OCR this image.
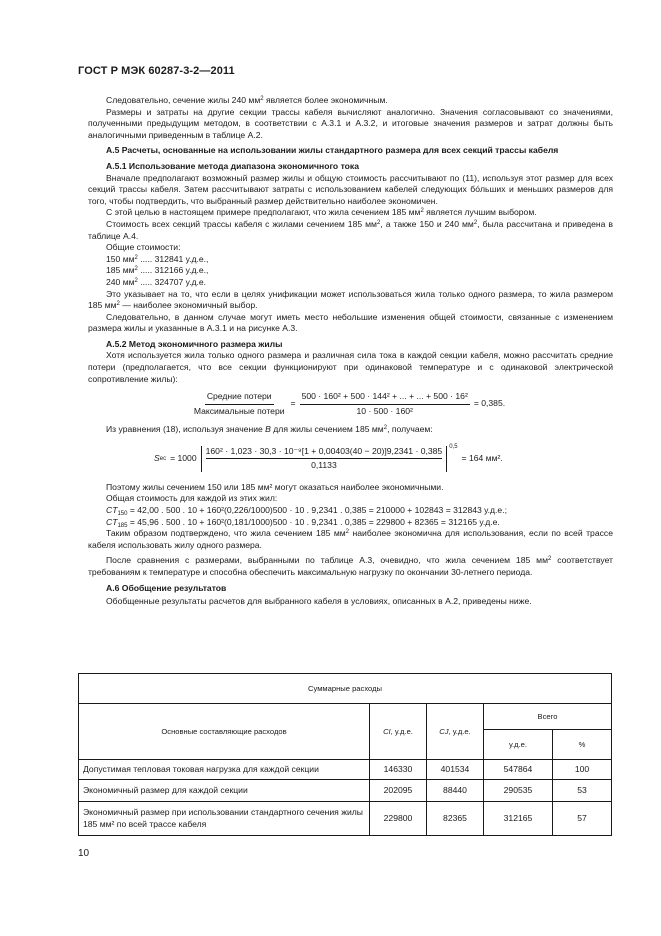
ГОСТ Р МЭК 60287-3-2—2011

Следовательно, сечение жилы 240 $мм^2$ является более экономичным.

Размеры и затраты на другие секции трассы кабеля вычисляют аналогично. Значения согласовывают со значениями, полученными предыдущим методом, в соответствии с А.3.1 и А.3.2, и итоговые значения размеров и затрат должны быть аналогичными приведенным в таблице А.2.

А.5 Расчеты, основанные на использовании жилы стандартного размера для всех секций трассы кабеля

А.5.1 Использование метода диапазона экономичного тока

Вначале предполагают возможный размер жилы и общую стоимость рассчитывают по (11), используя этот размер для всех секций трассы кабеля. Затем рассчитывают затраты с использованием кабелей следующих бо́льших и меньших размеров для того, чтобы подтвердить, что выбранный размер действительно наиболее экономичен.

С этой целью в настоящем примере предполагают, что жила сечением 185 $мм^2$ является лучшим выбором.

Стоимость всех секций трассы кабеля с жилами сечением 185 $мм^2$, а также 150 и 240 $мм^2$, была рассчитана и приведена в таблице А.4.

Общие стоимости:

150 $мм^2$ ..... 312841 у.д.е.,

185 $мм^2$ ..... 312166 у.д.е.,

240 $мм^2$ ..... 324707 у.д.е.

Это указывает на то, что если в целях унификации может использоваться жила только одного размера, то жила размером 185 $мм^2$ — наиболее экономичный выбор.

Следовательно, в данном случае могут иметь место небольшие изменения общей стоимости, связанные с изменением размера жилы и указанные в А.3.1 и на рисунке А.3.

А.5.2 Метод экономичного размера жилы

Хотя используется жила только одного размера и различная сила тока в каждой секции кабеля, можно рассчитать средние потери (предполагается, что все секции функционируют при одинаковой температуре и с одинаковой электрической сопротивление жилы):

$\frac{\text{Средние потери}}{\text{Максимальные потери}} = \frac{\text{500 · 160² + 500 · 144² + ... + ... + 500 · 16²}}{\text{10 · 500 · 160²}} = 0,385$.

Из уравнения (18), используя значение B для жилы сечением 185 $мм^2$, получаем:

S ec = 1000
160² · 1,023 · 30,3 · 10⁻⁹[1 + 0,00403(40 − 20)]9,2341 · 0,385
0,1133
0,5
= 164 мм².

Поэтому жилы сечением 150 или 185 мм² могут оказаться наиболее экономичными.

Общая стоимость для каждой из этих жил:

$CT_{150} = 42,00$ . 500 . 10 + 160²(0,226/1000)500 · 10 . 9,2341 . 0,385 = 210000 + 102843 = 312843 у.д.е.;

$CT_{185} = 45,96$ . 500 . 10 + 160²(0,181/1000)500 · 10 . 9,2341 . 0,385 = 229800 + 82365 = 312165 у.д.е.

Таким образом подтверждено, что жила сечением 185 $мм^2$ наиболее экономична для использования, если по всей трассе кабеля использовать жилу одного размера.

После сравнения с размерами, выбранными по таблице А.3, очевидно, что жила сечением 185 $мм^2$ соответствует требованиям к температуре и способна обеспечить максимальную нагрузку по окончании 30-летнего периода.

А.6 Обобщение результатов

Обобщенные результаты расчетов для выбранного кабеля в условиях, описанных в А.2, приведены ниже.

Суммарные расходы				
Основные составляющие расходов	CI, у.д.е.	CJ, у.д.е.	Всего	
			у.д.е.	%
Допустимая тепловая токовая нагрузка для каждой секции	146330	401534	547864	100
Экономичный размер для каждой секции	202095	88440	290535	53
Экономичный размер при использовании стандартного сечения жилы 185 мм² по всей трассе кабеля	229800	82365	312165	57
10
